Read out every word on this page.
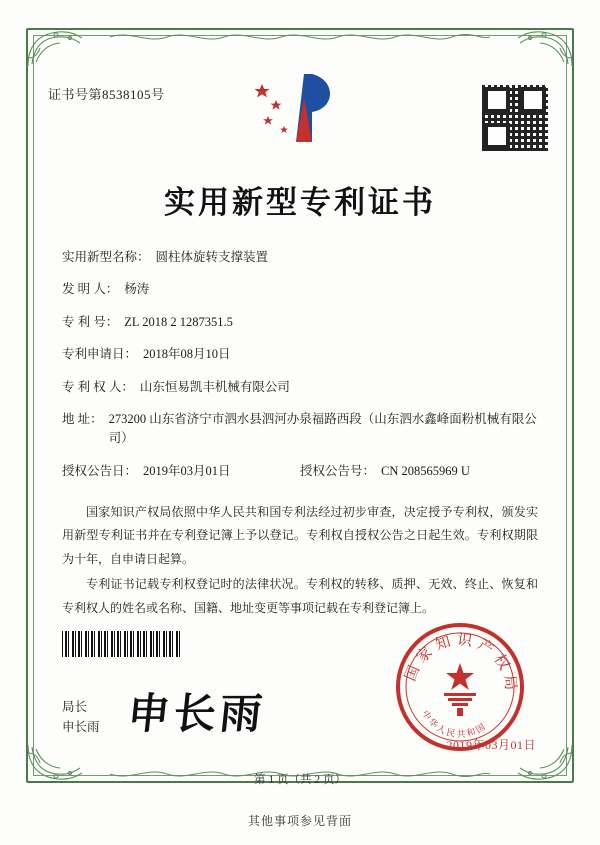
证书号第8538105号
实用新型专利证书
实用新型名称： 圆柱体旋转支撑装置
发 明 人： 杨涛
专 利 号： ZL 2018 2 1287351.5
专利申请日： 2018年08月10日
专 利 权 人： 山东恒易凯丰机械有限公司
地 址： 273200 山东省济宁市泗水县泗河办泉福路西段（山东泗水鑫峰面粉机械有限公司）
授权公告日： 2019年03月01日	授权公告号： CN 208565969 U

国家知识产权局依照中华人民共和国专利法经过初步审查，决定授予专利权，颁发实用新型专利证书并在专利登记簿上予以登记。专利权自授权公告之日起生效。专利权期限为十年，自申请日起算。

专利证书记载专利权登记时的法律状况。专利权的转移、质押、无效、终止、恢复和专利权人的姓名或名称、国籍、地址变更等事项记载在专利登记簿上。

局长
申长雨 申长雨
国家知识产权局
中华人民共和国
2019年03月01日
第 1 页（共 2 页）
其他事项参见背面
